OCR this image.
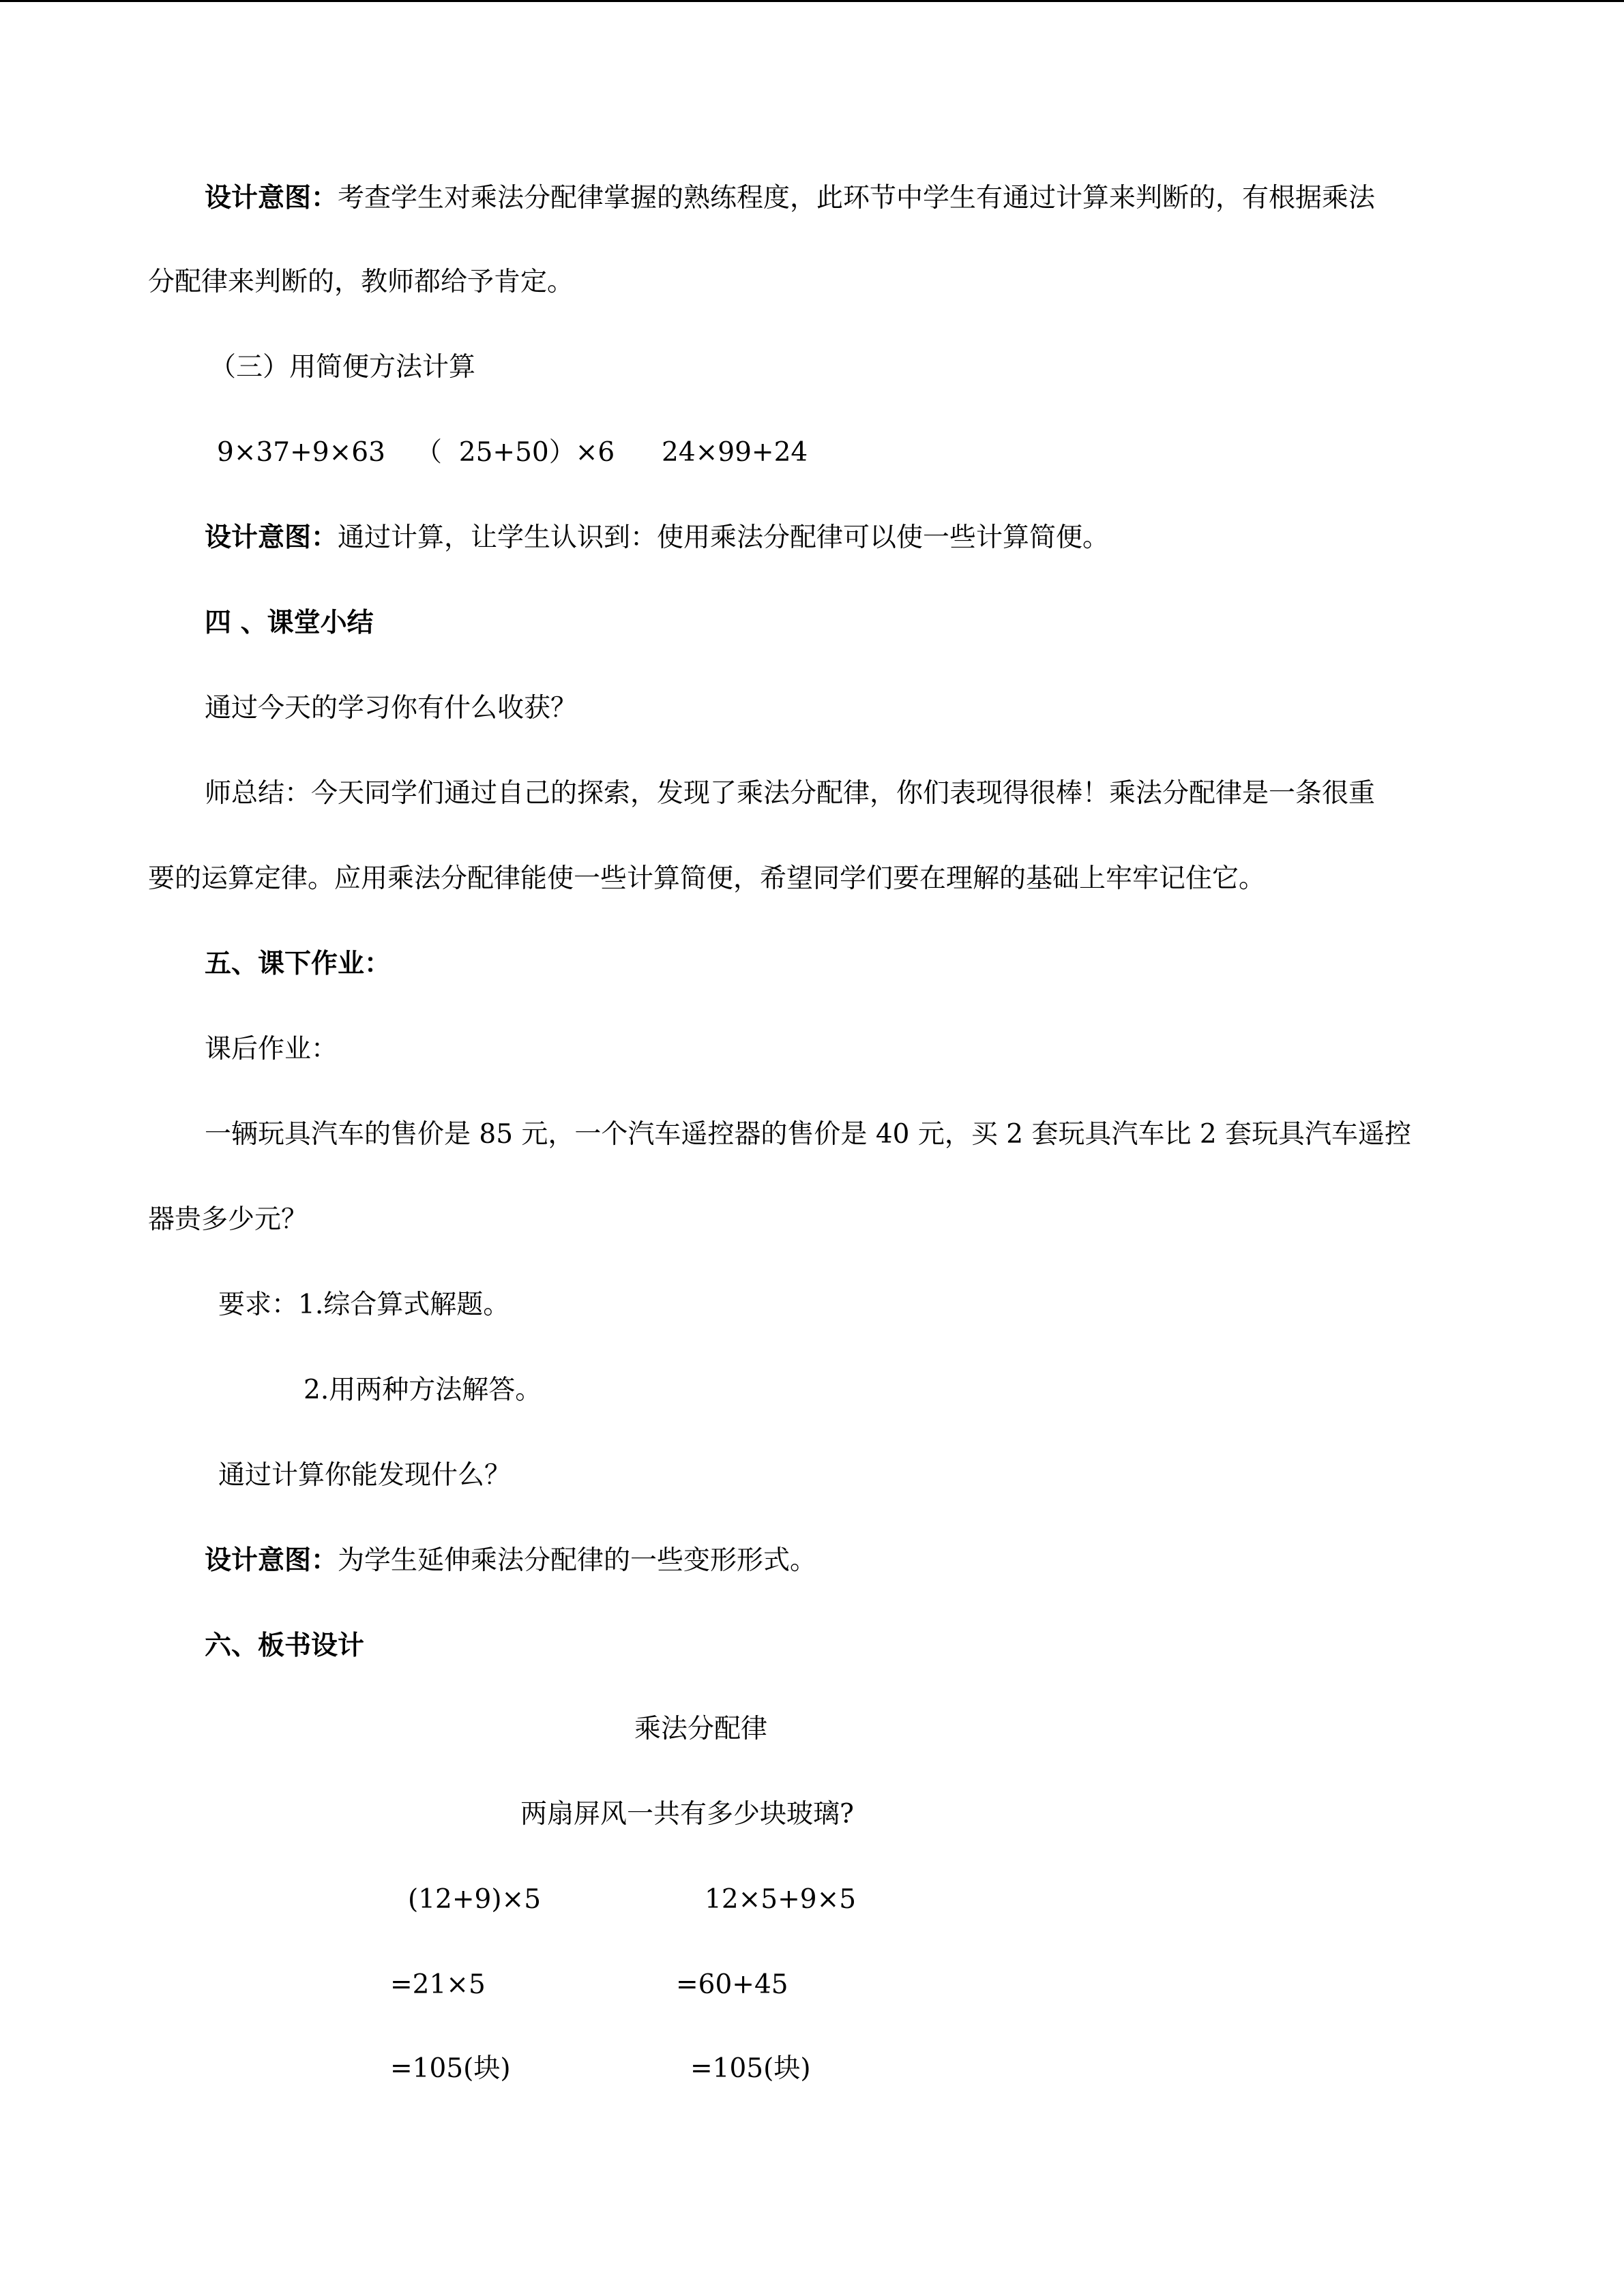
设计意图：考查学生对乘法分配律掌握的熟练程度，此环节中学生有通过计算来判断的，有根据乘法
分配律来判断的，教师都给予肯定。
（三）用简便方法计算
9×37+9×63 （  25+50）×6 24×99+24
设计意图：通过计算，让学生认识到：使用乘法分配律可以使一些计算简便。
四 、课堂小结
通过今天的学习你有什么收获？
师总结：今天同学们通过自己的探索，发现了乘法分配律，你们表现得很棒！乘法分配律是一条很重
要的运算定律。应用乘法分配律能使一些计算简便，希望同学们要在理解的基础上牢牢记住它。
五、课下作业：
课后作业：
一辆玩具汽车的售价是 85 元，一个汽车遥控器的售价是 40 元，买 2 套玩具汽车比 2 套玩具汽车遥控
器贵多少元？
要求：1.综合算式解题。
2.用两种方法解答。
通过计算你能发现什么？
设计意图：为学生延伸乘法分配律的一些变形形式。
六、板书设计
乘法分配律
两扇屏风一共有多少块玻璃?
(12+9)×5	12×5+9×5
=21×5	=60+45
=105(块)	=105(块)
